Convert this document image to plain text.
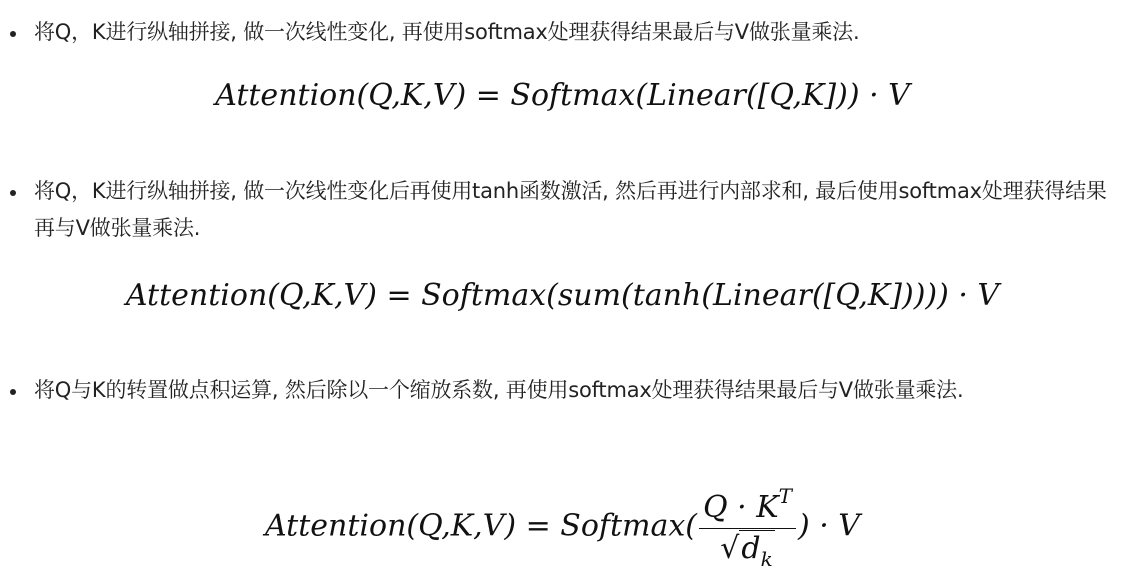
将Q，K进行纵轴拼接, 做一次线性变化, 再使用softmax处理获得结果最后与V做张量乘法.
Attention(Q,K,V) = Softmax(Linear([Q,K])) · V
将Q，K进行纵轴拼接, 做一次线性变化后再使用tanh函数激活, 然后再进行内部求和, 最后使用softmax处理获得结果再与V做张量乘法.
Attention(Q,K,V) = Softmax(sum(tanh(Linear([Q,K])))) · V
将Q与K的转置做点积运算, 然后除以一个缩放系数, 再使用softmax处理获得结果最后与V做张量乘法.
Attention(Q,K,V) = Softmax( $\frac{Q \cdot K^T}{√d_k}$ ) · V
